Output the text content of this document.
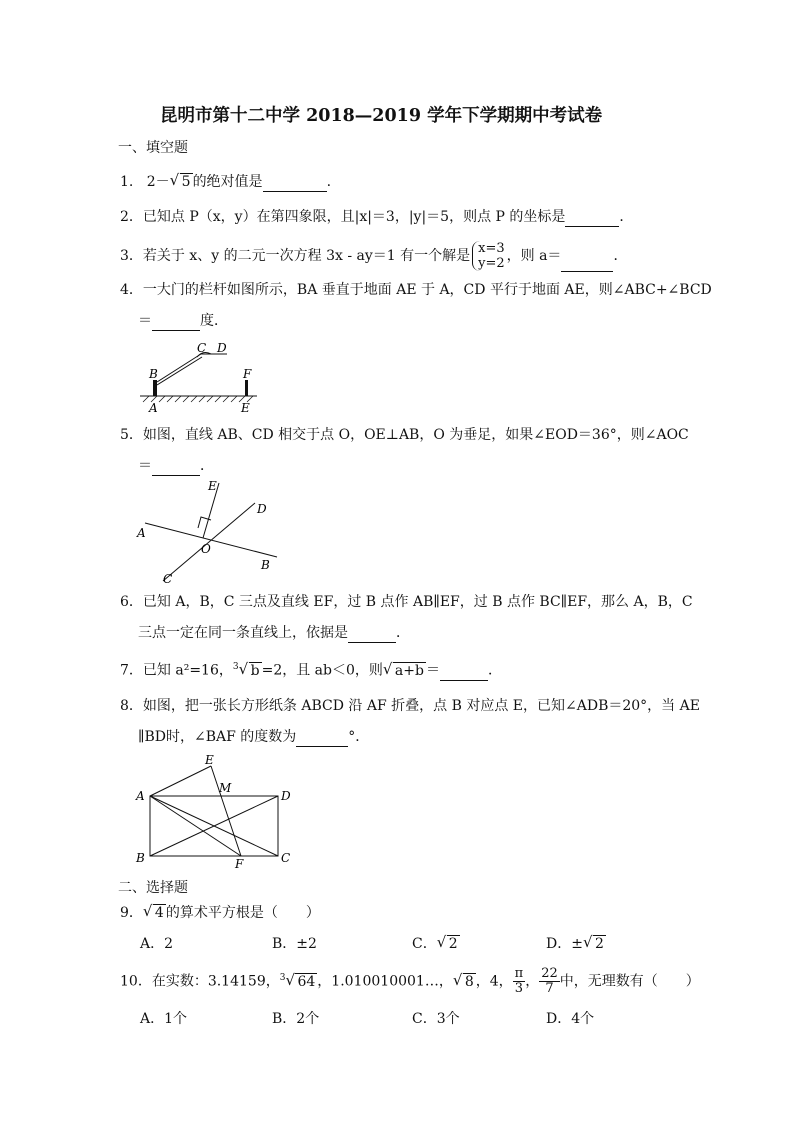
昆明市第十二中学 2018—2019 学年下学期期中考试卷
一、填空题
1. 2－ √ 5 的绝对值是	.
2．已知点 P（x，y）在第四象限，且|x|＝3，|y|＝5，则点 P 的坐标是	．
3．若关于 x、y 的二元一次方程 3x - ay＝1 有一个解是 x=3
y=2 ，则 a＝	．
4．一大门的栏杆如图所示，BA 垂直于地面 AE 于 A，CD 平行于地面 AE，则∠ABC+∠BCD
＝	度．
B
C D
F
A	E
5．如图，直线 AB、CD 相交于点 O，OE⊥AB，O 为垂足，如果∠EOD＝36°，则∠AOC
＝	．
E
D
A
O
B
C
6．已知 A，B，C 三点及直线 EF，过 B 点作 AB∥EF，过 B 点作 BC∥EF，那么 A，B，C
三点一定在同一条直线上，依据是	．
7．已知 a²=16，$^3$ √ b =2，且 ab＜0，则 √ a+b ＝	．
8．如图，把一张长方形纸条 ABCD 沿 AF 折叠，点 B 对应点 E，已知∠ADB＝20°，当 AE
∥BD时，∠BAF 的度数为	°．
E
M
A	D
B	F	C
二、选择题
9． √ 4 的算术平方根是（　　）
A．2	B．±2	C． √ 2	D．± √ 2
10．在实数：3.14159，$^3$ √ 64 ，1.010010001…， √ 8 ，4， $\frac{\pi}{3}$ ， $\frac{22}{7}$ 中，无理数有（　　）
A．1个	B．2个	C．3个	D．4个
